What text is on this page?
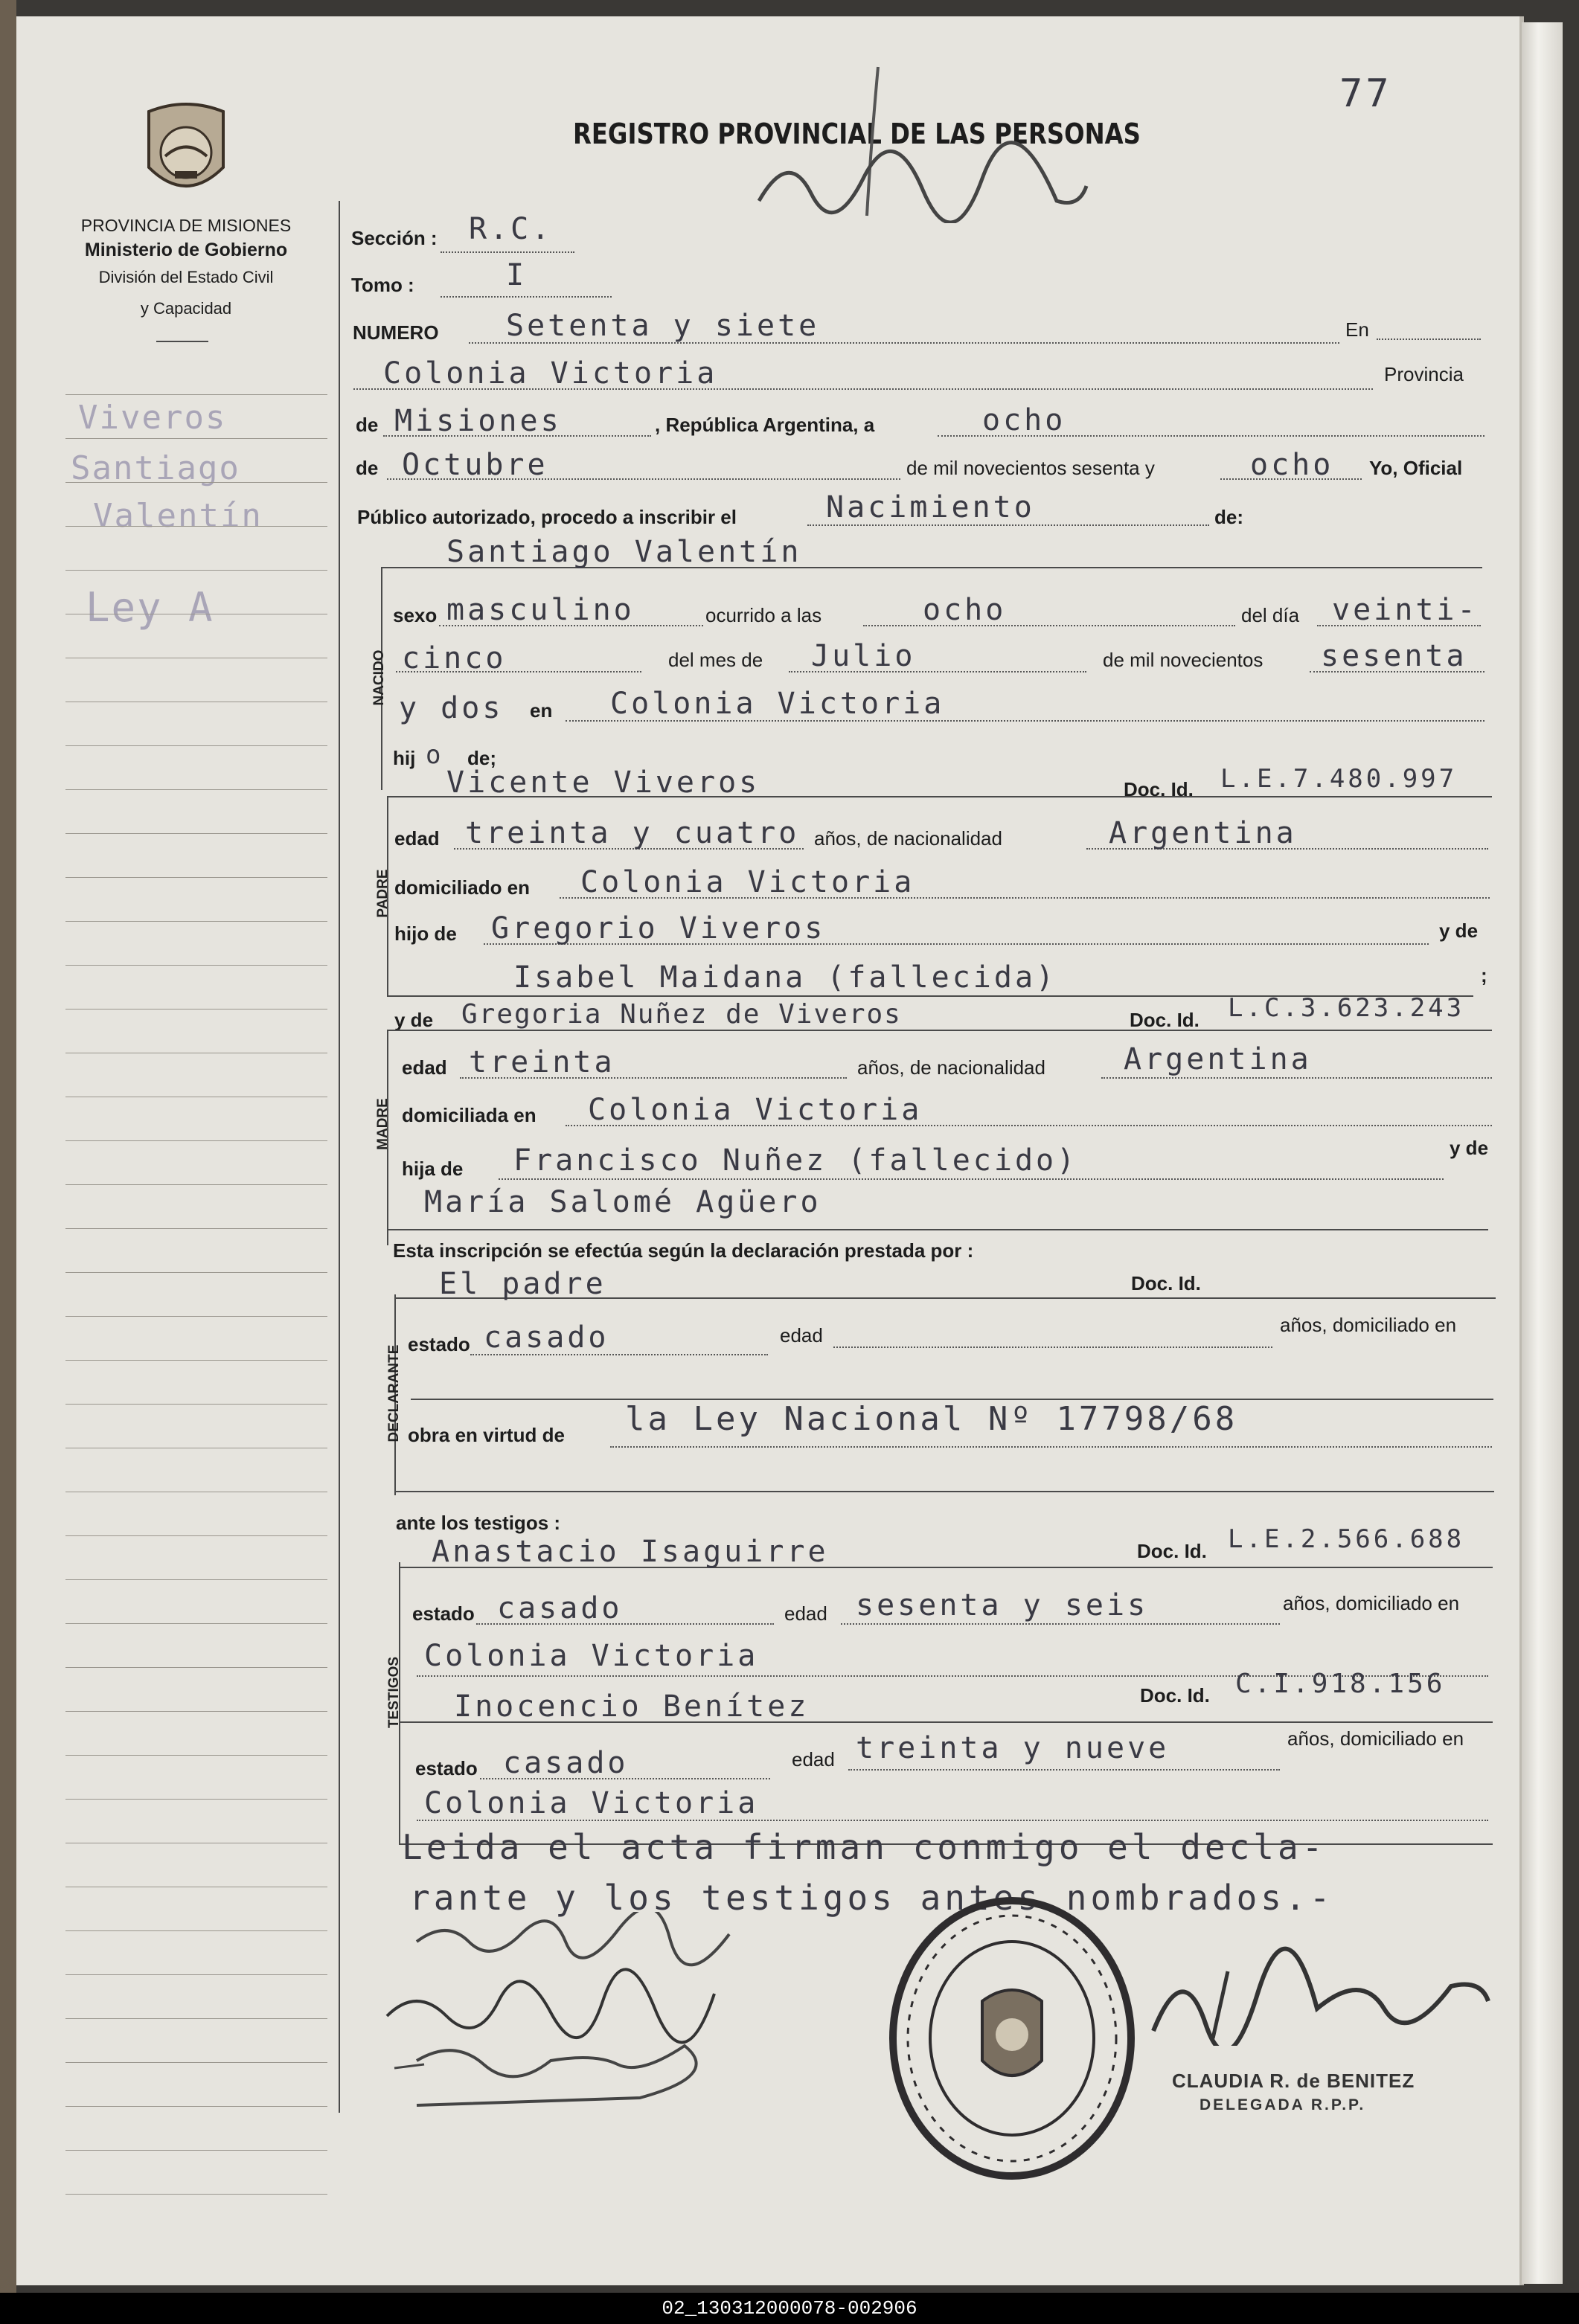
77
PROVINCIA DE MISIONES
Ministerio de Gobierno
División del Estado Civil
y Capacidad
REGISTRO PROVINCIAL DE LAS PERSONAS
Viveros
Santiago
Valentín
Ley A
Sección : R.C.
Tomo :	I
NUMERO Setenta y siete	En
Colonia Victoria	Provincia
de Misiones	, República Argentina, a	ocho
de Octubre	de mil novecientos sesenta y	ocho Yo, Oficial
Público autorizado, procedo a inscribir el	Nacimiento	de:
NACIDO
Santiago Valentín
sexo masculino	ocurrido a las	ocho	del día veinti-
cinco	del mes de Julio	de mil novecientos sesenta
y dos en Colonia Victoria
hij o de;
PADRE
Vicente Viveros	Doc. Id. L.E.7.480.997
edad treinta y cuatro años, de nacionalidad	Argentina
domiciliado en Colonia Victoria
hijo de Gregorio Viveros	y de
Isabel Maidana (fallecida)	;
y de Gregoria Nuñez de Viveros	Doc. Id. L.C.3.623.243
MADRE
edad treinta	años, de nacionalidad	Argentina
domiciliada en Colonia Victoria
hija de Francisco Nuñez (fallecido)	y de
María Salomé Agüero
Esta inscripción se efectúa según la declaración prestada por :
DECLARANTE
El padre	Doc. Id.
estado casado	edad	años, domiciliado en
obra en virtud de la Ley Nacional Nº 17798/68
ante los testigos :
TESTIGOS
Anastacio Isaguirre	Doc. Id. L.E.2.566.688
estado casado	edad sesenta y seis	años, domiciliado en
Colonia Victoria
Inocencio Benítez	Doc. Id. C.I.918.156
estado casado	edad treinta y nueve	años, domiciliado en
Colonia Victoria
Leida el acta firman conmigo el decla-
rante y los testigos antes nombrados.-
CLAUDIA R. de BENITEZ
DELEGADA R.P.P.
02_130312000078-002906
